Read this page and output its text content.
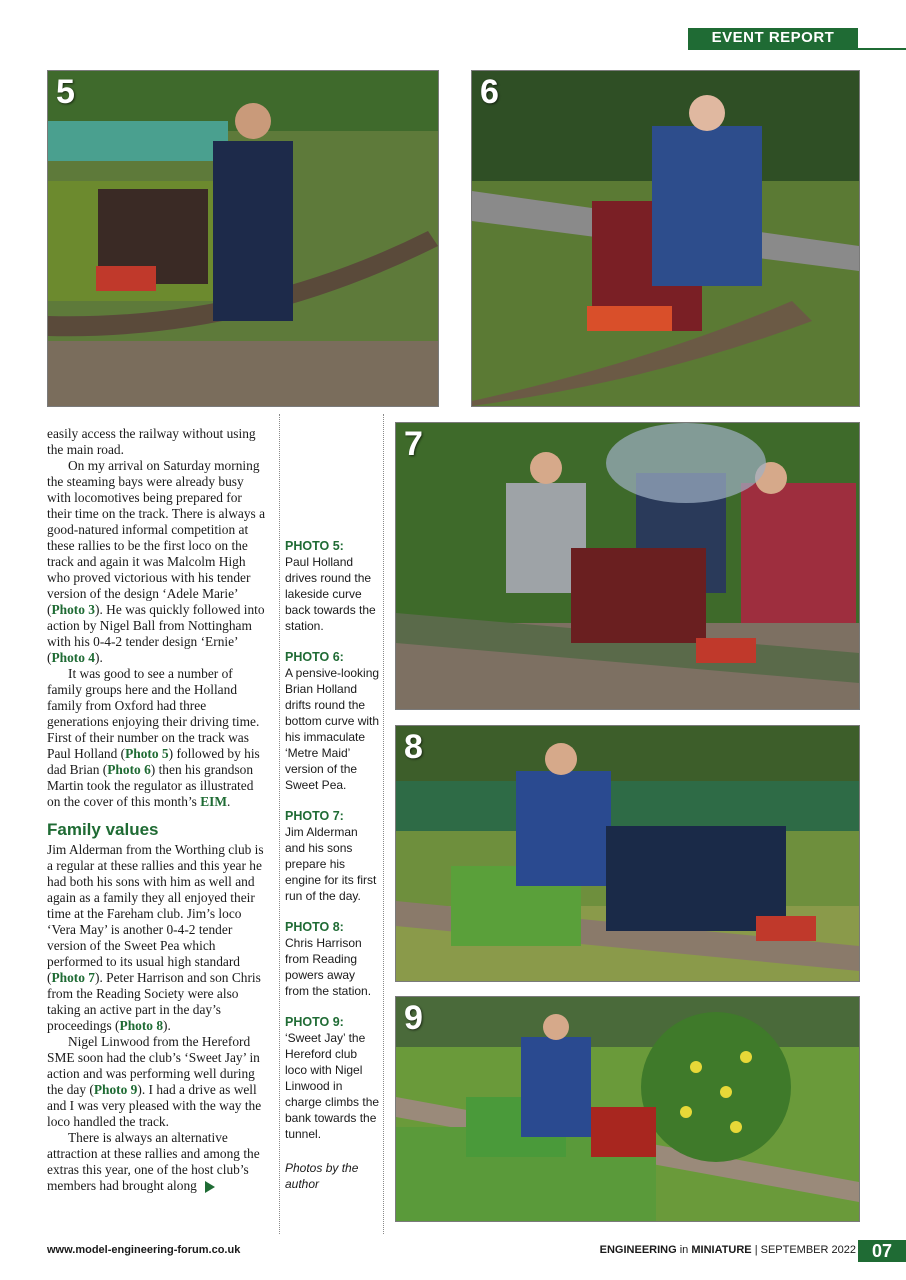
EVENT REPORT
5	6
7
8
9

easily access the railway without using the main road.

On my arrival on Saturday morning the steaming bays were already busy with locomotives being prepared for their time on the track. There is always a good-natured informal competition at these rallies to be the first loco on the track and again it was Malcolm High who proved victorious with his tender version of the design ‘Adele Marie’ (Photo 3). He was quickly followed into action by Nigel Ball from Nottingham with his 0-4-2 tender design ‘Ernie’ (Photo 4).

It was good to see a number of family groups here and the Holland family from Oxford had three generations enjoying their driving time. First of their number on the track was Paul Holland (Photo 5) followed by his dad Brian (Photo 6) then his grandson Martin took the regulator as illustrated on the cover of this month’s EIM.

Family values

Jim Alderman from the Worthing club is a regular at these rallies and this year he had both his sons with him as well and again as a family they all enjoyed their time at the Fareham club. Jim’s loco ‘Vera May’ is another 0-4-2 tender version of the Sweet Pea which performed to its usual high standard (Photo 7). Peter Harrison and son Chris from the Reading Society were also taking an active part in the day’s proceedings (Photo 8).

Nigel Linwood from the Hereford SME soon had the club’s ‘Sweet Jay’ in action and was performing well during the day (Photo 9). I had a drive as well and I was very pleased with the way the loco handled the track.

There is always an alternative attraction at these rallies and among the extras this year, one of the host club’s members had brought along

PHOTO 5:
Paul Holland drives round the lakeside curve back towards the station.
PHOTO 6:
A pensive-looking Brian Holland drifts round the bottom curve with his immaculate ‘Metre Maid’ version of the Sweet Pea.
PHOTO 7:
Jim Alderman and his sons prepare his engine for its first run of the day.
PHOTO 8:
Chris Harrison from Reading powers away from the station.
PHOTO 9:
‘Sweet Jay’ the Hereford club loco with Nigel Linwood in charge climbs the bank towards the tunnel.
Photos by the author
www.model-engineering-forum.co.uk	ENGINEERING in MINIATURE | SEPTEMBER 2022 07
